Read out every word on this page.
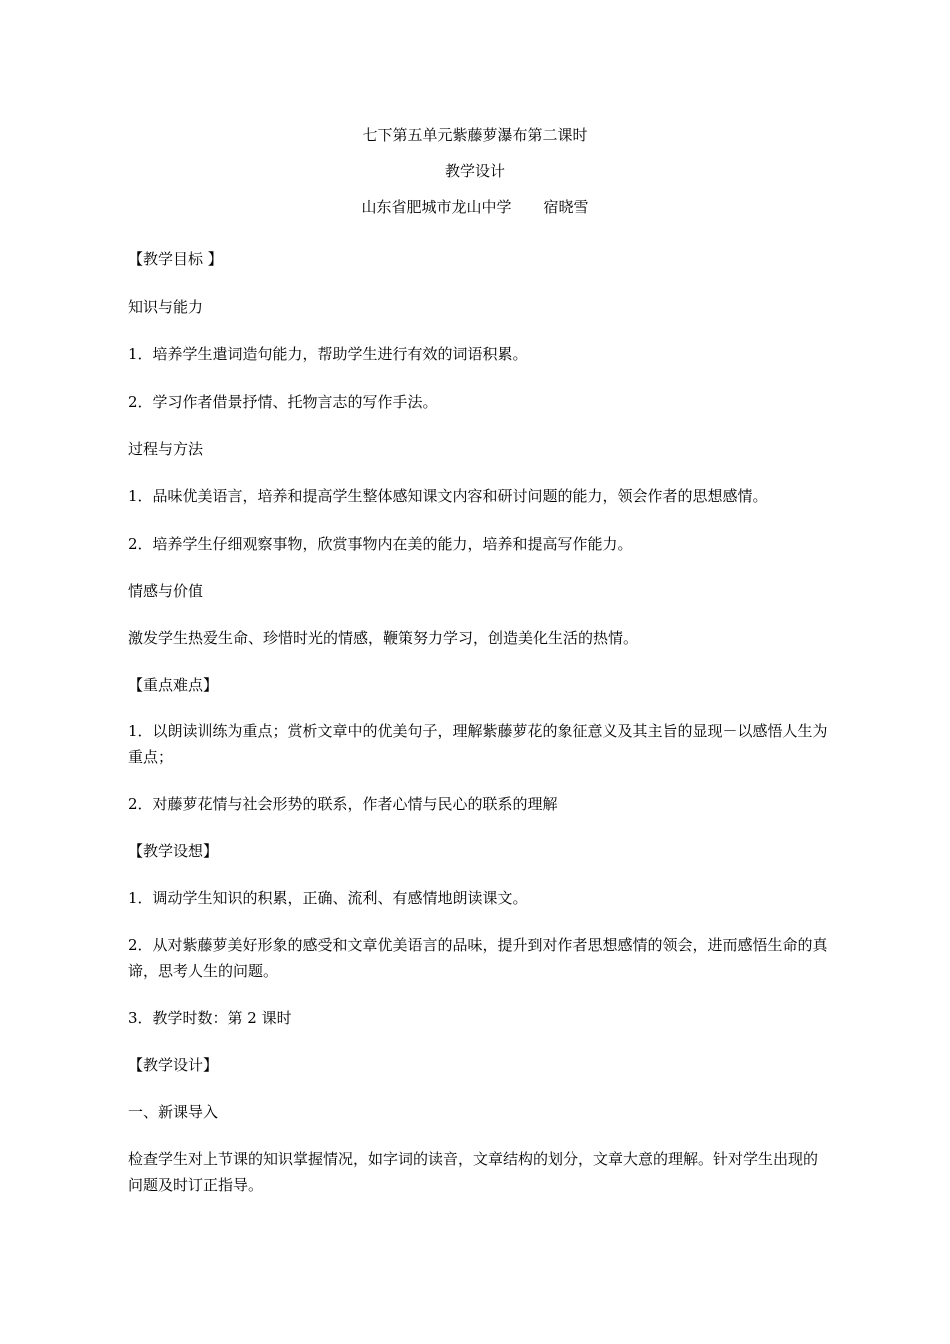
七下第五单元紫藤萝瀑布第二课时
教学设计
山东省肥城市龙山中学 宿晓雪
【教学目标 】
知识与能力
1．培养学生遣词造句能力，帮助学生进行有效的词语积累。
2．学习作者借景抒情、托物言志的写作手法。
过程与方法
1．品味优美语言，培养和提高学生整体感知课文内容和研讨问题的能力，领会作者的思想感情。
2．培养学生仔细观察事物，欣赏事物内在美的能力，培养和提高写作能力。
情感与价值
激发学生热爱生命、珍惜时光的情感，鞭策努力学习，创造美化生活的热情。
【重点难点】
1．以朗读训练为重点；赏析文章中的优美句子，理解紫藤萝花的象征意义及其主旨的显现－以感悟人生为重点；
2．对藤萝花情与社会形势的联系，作者心情与民心的联系的理解
【教学设想】
1．调动学生知识的积累，正确、流利、有感情地朗读课文。
2．从对紫藤萝美好形象的感受和文章优美语言的品味，提升到对作者思想感情的领会，进而感悟生命的真谛，思考人生的问题。
3．教学时数：第 2 课时
【教学设计】
一、新课导入
检查学生对上节课的知识掌握情况，如字词的读音，文章结构的划分，文章大意的理解。针对学生出现的问题及时订正指导。
